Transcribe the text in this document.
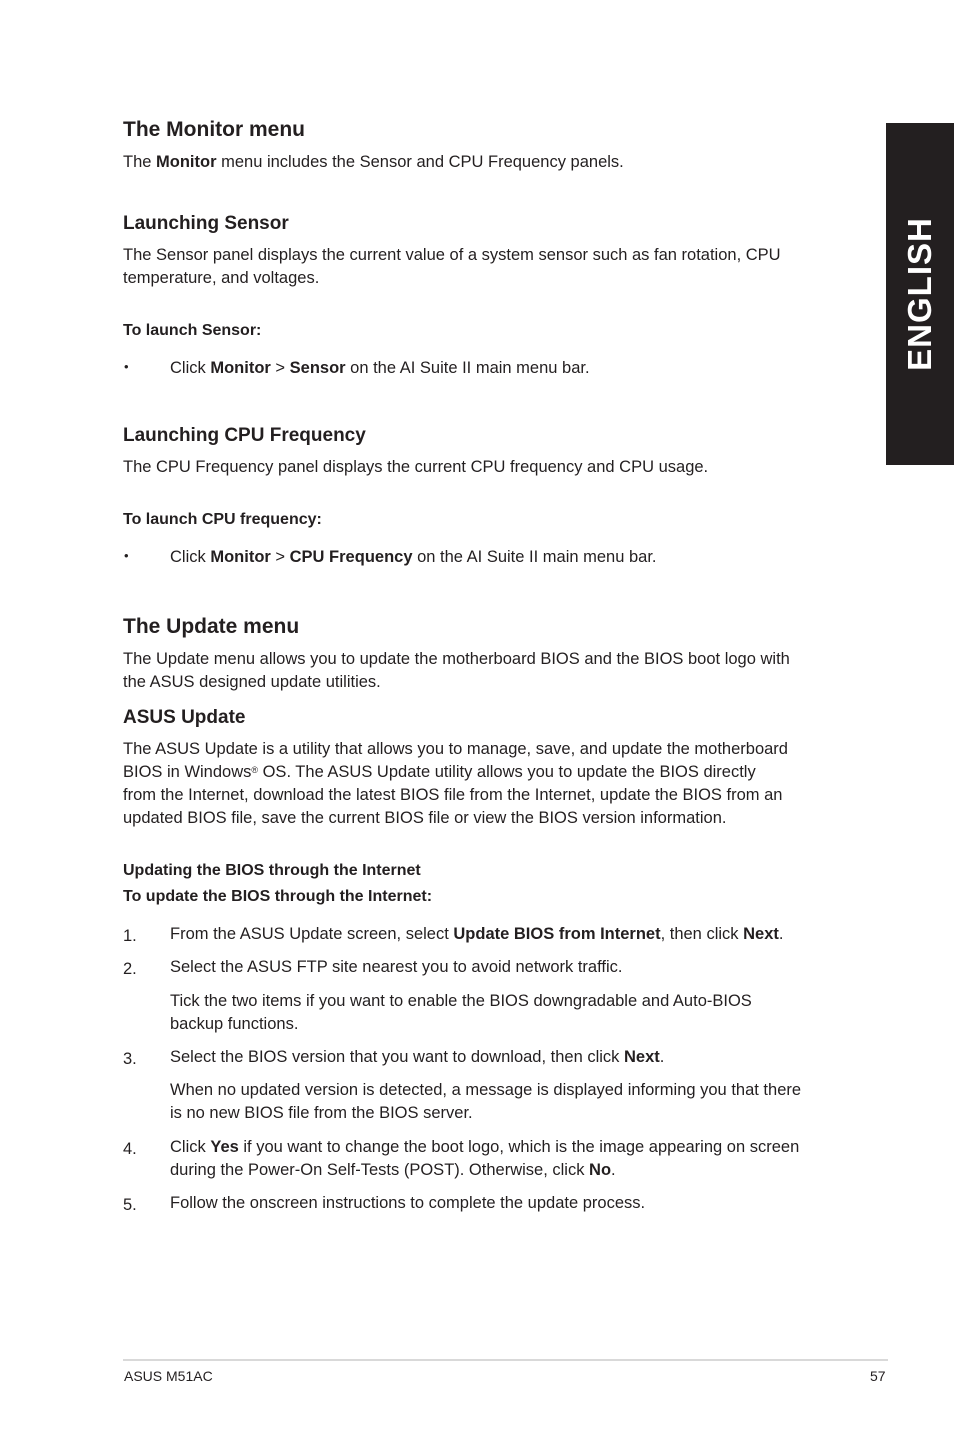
ENGLISH
The Monitor menu

The Monitor menu includes the Sensor and CPU Frequency panels.

Launching Sensor

The Sensor panel displays the current value of a system sensor such as fan rotation, CPU
temperature, and voltages.

To launch Sensor:
•	Click Monitor > Sensor on the AI Suite II main menu bar.

Launching CPU Frequency

The CPU Frequency panel displays the current CPU frequency and CPU usage.

To launch CPU frequency:
•	Click Monitor > CPU Frequency on the AI Suite II main menu bar.

The Update menu

The Update menu allows you to update the motherboard BIOS and the BIOS boot logo with
the ASUS designed update utilities.

ASUS Update

The ASUS Update is a utility that allows you to manage, save, and update the motherboard
BIOS in Windows® OS. The ASUS Update utility allows you to update the BIOS directly
from the Internet, download the latest BIOS file from the Internet, update the BIOS from an
updated BIOS file, save the current BIOS file or view the BIOS version information.

Updating the BIOS through the Internet
To update the BIOS through the Internet:
1. From the ASUS Update screen, select Update BIOS from Internet, then click Next.

2. Select the ASUS FTP site nearest you to avoid network traffic.

Tick the two items if you want to enable the BIOS downgradable and Auto-BIOS
backup functions.

3. Select the BIOS version that you want to download, then click Next.

When no updated version is detected, a message is displayed informing you that there
is no new BIOS file from the BIOS server.

4. Click Yes if you want to change the boot logo, which is the image appearing on screen
during the Power-On Self-Tests (POST). Otherwise, click No.

5. Follow the onscreen instructions to complete the update process.

ASUS M51AC	57
